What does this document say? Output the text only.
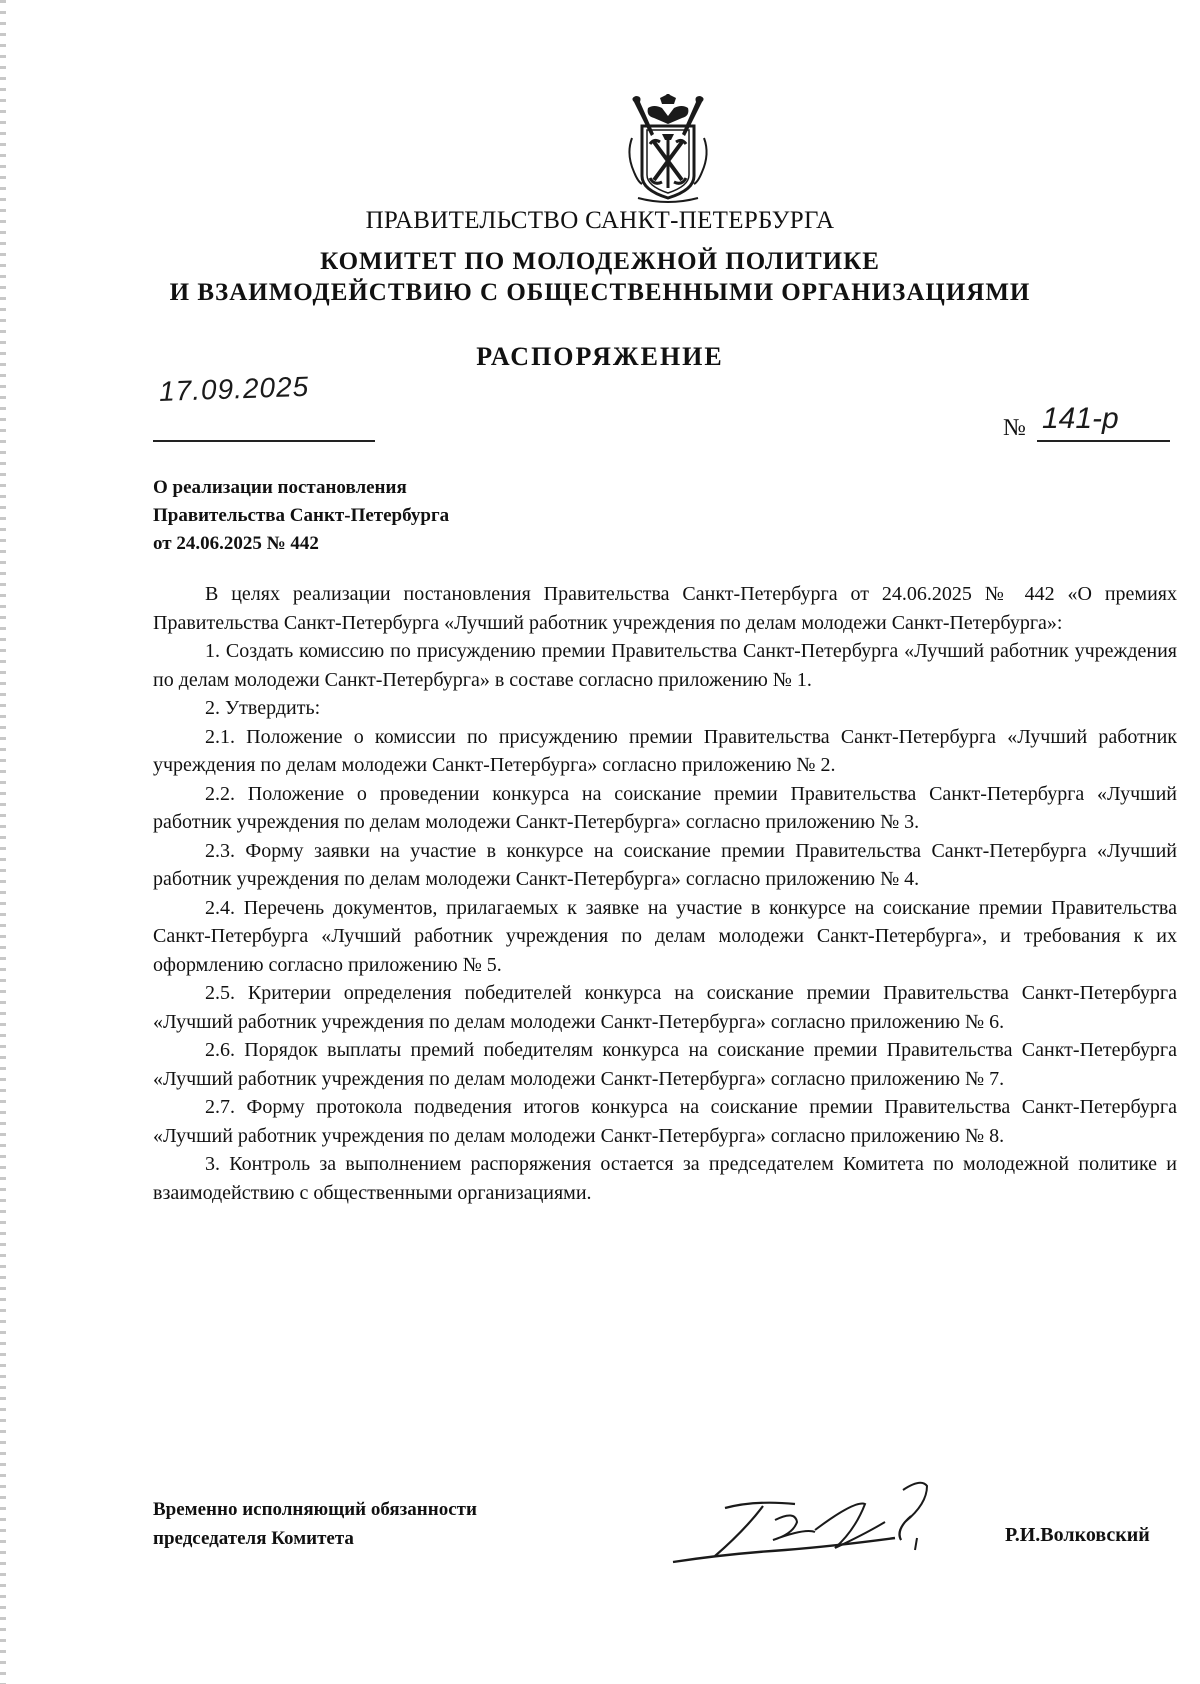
ПРАВИТЕЛЬСТВО САНКТ-ПЕТЕРБУРГА
КОМИТЕТ ПО МОЛОДЕЖНОЙ ПОЛИТИКЕ
И ВЗАИМОДЕЙСТВИЮ С ОБЩЕСТВЕННЫМИ ОРГАНИЗАЦИЯМИ
РАСПОРЯЖЕНИЕ
17.09.2025
№ 141-р
О реализации постановления
Правительства Санкт-Петербурга
от 24.06.2025 № 442

В целях реализации постановления Правительства Санкт-Петербурга от 24.06.2025 № 442 «О премиях Правительства Санкт-Петербурга «Лучший работник учреждения по делам молодежи Санкт-Петербурга»:

1. Создать комиссию по присуждению премии Правительства Санкт-Петербурга «Лучший работник учреждения по делам молодежи Санкт-Петербурга» в составе согласно приложению № 1.

2. Утвердить:

2.1. Положение о комиссии по присуждению премии Правительства Санкт-Петербурга «Лучший работник учреждения по делам молодежи Санкт-Петербурга» согласно приложению № 2.

2.2. Положение о проведении конкурса на соискание премии Правительства Санкт-Петербурга «Лучший работник учреждения по делам молодежи Санкт-Петербурга» согласно приложению № 3.

2.3. Форму заявки на участие в конкурсе на соискание премии Правительства Санкт-Петербурга «Лучший работник учреждения по делам молодежи Санкт-Петербурга» согласно приложению № 4.

2.4. Перечень документов, прилагаемых к заявке на участие в конкурсе на соискание премии Правительства Санкт-Петербурга «Лучший работник учреждения по делам молодежи Санкт-Петербурга», и требования к их оформлению согласно приложению № 5.

2.5. Критерии определения победителей конкурса на соискание премии Правительства Санкт-Петербурга «Лучший работник учреждения по делам молодежи Санкт-Петербурга» согласно приложению № 6.

2.6. Порядок выплаты премий победителям конкурса на соискание премии Правительства Санкт-Петербурга «Лучший работник учреждения по делам молодежи Санкт-Петербурга» согласно приложению № 7.

2.7. Форму протокола подведения итогов конкурса на соискание премии Правительства Санкт-Петербурга «Лучший работник учреждения по делам молодежи Санкт-Петербурга» согласно приложению № 8.

3. Контроль за выполнением распоряжения остается за председателем Комитета по молодежной политике и взаимодействию с общественными организациями.

Временно исполняющий обязанности
председателя Комитета	Р.И.Волковский
